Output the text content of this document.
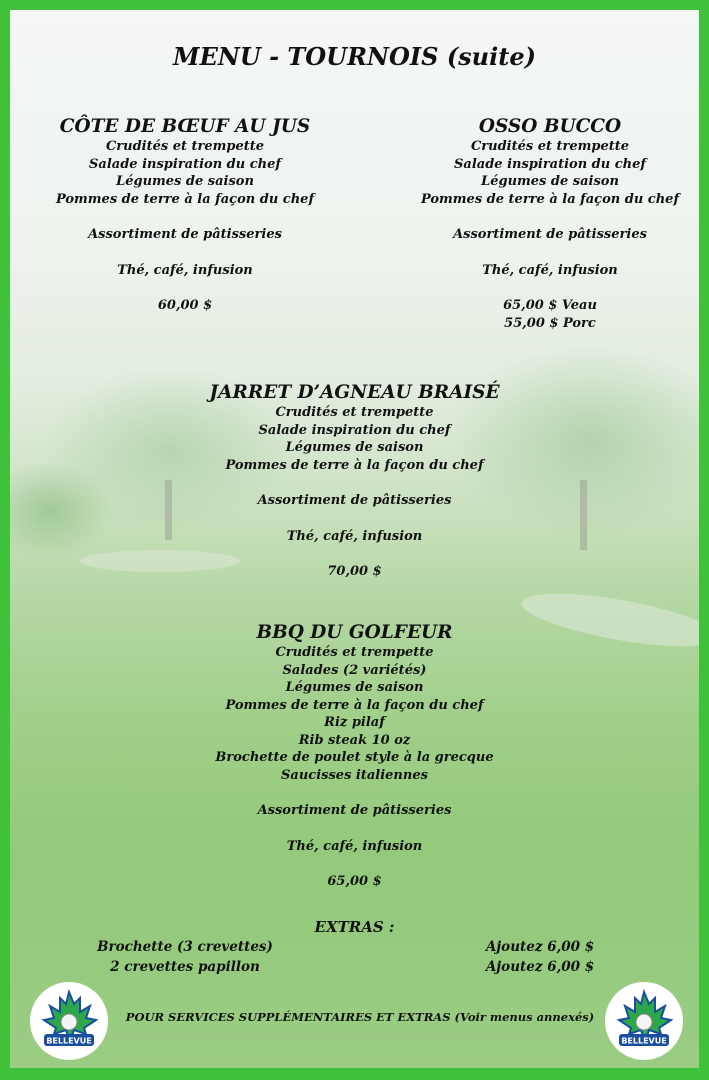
MENU - TOURNOIS (suite)
CÔTE DE BŒUF AU JUS
Crudités et trempette
Salade inspiration du chef
Légumes de saison
Pommes de terre à la façon du chef
Assortiment de pâtisseries
Thé, café, infusion
60,00 $
OSSO BUCCO
Crudités et trempette
Salade inspiration du chef
Légumes de saison
Pommes de terre à la façon du chef
Assortiment de pâtisseries
Thé, café, infusion
65,00 $ Veau
55,00 $ Porc
JARRET D’AGNEAU BRAISÉ
Crudités et trempette
Salade inspiration du chef
Légumes de saison
Pommes de terre à la façon du chef
Assortiment de pâtisseries
Thé, café, infusion
70,00 $
BBQ DU GOLFEUR
Crudités et trempette
Salades (2 variétés)
Légumes de saison
Pommes de terre à la façon du chef
Riz pilaf
Rib steak 10 oz
Brochette de poulet style à la grecque
Saucisses italiennes
Assortiment de pâtisseries
Thé, café, infusion
65,00 $
EXTRAS :
Brochette (3 crevettes)	Ajoutez 6,00 $
2 crevettes papillon	Ajoutez 6,00 $
POUR SERVICES SUPPLÉMENTAIRES ET EXTRAS (Voir menus annexés)
BELLEVUE	BELLEVUE
